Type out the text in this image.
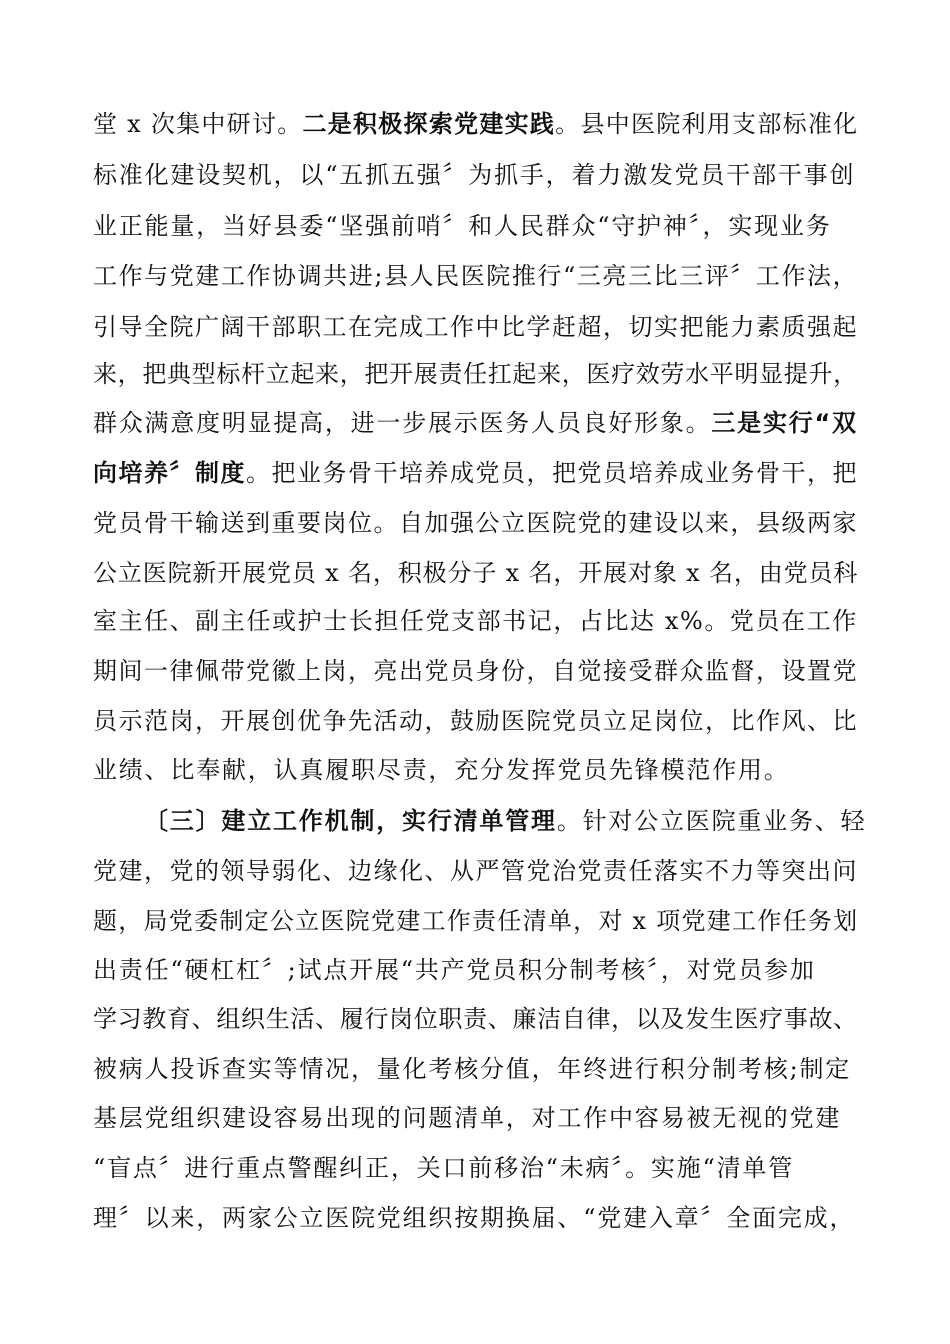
堂 x 次集中研讨。二是积极探索党建实践。县中医院利用支部标准化
标准化建设契机，以“五抓五强〞为抓手，着力激发党员干部干事创
业正能量，当好县委“坚强前哨〞和人民群众“守护神〞，实现业务
工作与党建工作协调共进;县人民医院推行“三亮三比三评〞工作法，
引导全院广阔干部职工在完成工作中比学赶超，切实把能力素质强起
来，把典型标杆立起来，把开展责任扛起来，医疗效劳水平明显提升，
群众满意度明显提高，进一步展示医务人员良好形象。三是实行“双
向培养〞制度。把业务骨干培养成党员，把党员培养成业务骨干，把
党员骨干输送到重要岗位。自加强公立医院党的建设以来，县级两家
公立医院新开展党员 x 名，积极分子 x 名，开展对象 x 名，由党员科
室主任、副主任或护士长担任党支部书记，占比达 x%。党员在工作
期间一律佩带党徽上岗，亮出党员身份，自觉接受群众监督，设置党
员示范岗，开展创优争先活动，鼓励医院党员立足岗位，比作风、比
业绩、比奉献，认真履职尽责，充分发挥党员先锋模范作用。
〔三〕建立工作机制，实行清单管理。针对公立医院重业务、轻
党建，党的领导弱化、边缘化、从严管党治党责任落实不力等突出问
题，局党委制定公立医院党建工作责任清单，对 x 项党建工作任务划
出责任“硬杠杠〞;试点开展“共产党员积分制考核〞，对党员参加
学习教育、组织生活、履行岗位职责、廉洁自律，以及发生医疗事故、
被病人投诉查实等情况，量化考核分值，年终进行积分制考核;制定
基层党组织建设容易出现的问题清单，对工作中容易被无视的党建
“盲点〞进行重点警醒纠正，关口前移治“未病〞。实施“清单管
理〞以来，两家公立医院党组织按期换届、“党建入章〞全面完成，
